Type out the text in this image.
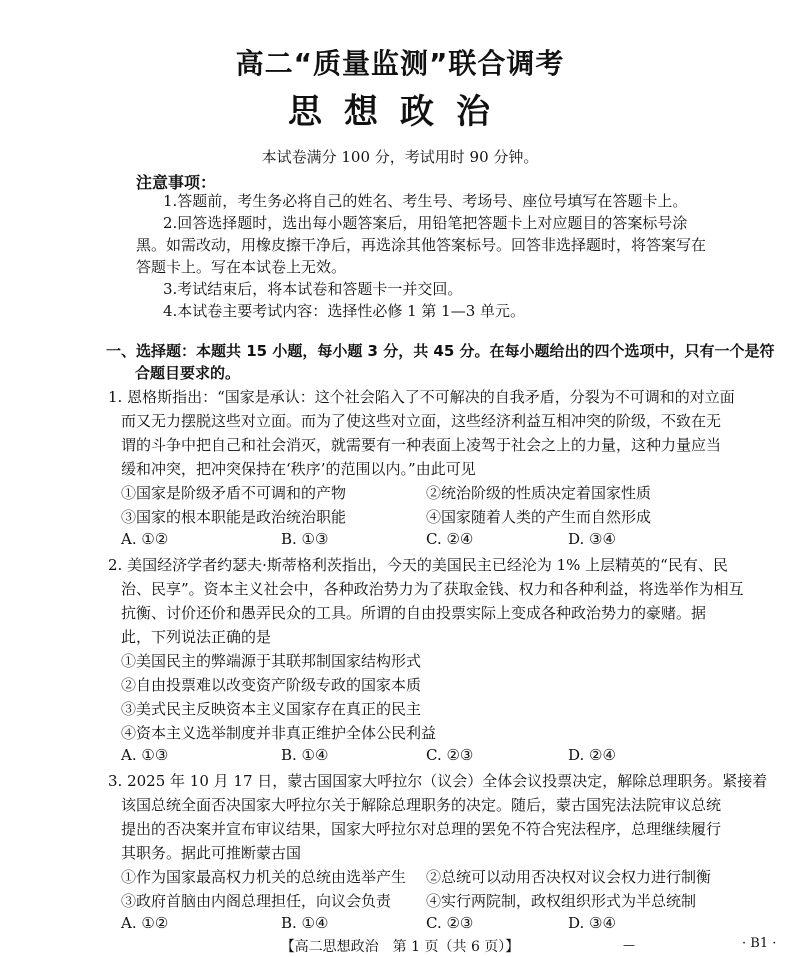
高二“质量监测”联合调考
思想政治
本试卷满分 100 分，考试用时 90 分钟。
注意事项：
1.答题前，考生务必将自己的姓名、考生号、考场号、座位号填写在答题卡上。
2.回答选择题时，选出每小题答案后，用铅笔把答题卡上对应题目的答案标号涂
黑。如需改动，用橡皮擦干净后，再选涂其他答案标号。回答非选择题时，将答案写在
答题卡上。写在本试卷上无效。
3.考试结束后，将本试卷和答题卡一并交回。
4.本试卷主要考试内容：选择性必修 1 第 1—3 单元。
一、选择题：本题共 15 小题，每小题 3 分，共 45 分。在每小题给出的四个选项中，只有一个是符
合题目要求的。
1. 恩格斯指出：“国家是承认：这个社会陷入了不可解决的自我矛盾，分裂为不可调和的对立面
而又无力摆脱这些对立面。而为了使这些对立面，这些经济利益互相冲突的阶级，不致在无
谓的斗争中把自己和社会消灭，就需要有一种表面上凌驾于社会之上的力量，这种力量应当
缓和冲突，把冲突保持在‘秩序’的范围以内。”由此可见
①国家是阶级矛盾不可调和的产物	②统治阶级的性质决定着国家性质
③国家的根本职能是政治统治职能	④国家随着人类的产生而自然形成
A. ①②	B. ①③	C. ②④	D. ③④
2. 美国经济学者约瑟夫·斯蒂格利茨指出，今天的美国民主已经沦为 1% 上层精英的“民有、民
治、民享”。资本主义社会中，各种政治势力为了获取金钱、权力和各种利益，将选举作为相互
抗衡、讨价还价和愚弄民众的工具。所谓的自由投票实际上变成各种政治势力的豪赌。据
此，下列说法正确的是
①美国民主的弊端源于其联邦制国家结构形式
②自由投票难以改变资产阶级专政的国家本质
③美式民主反映资本主义国家存在真正的民主
④资本主义选举制度并非真正维护全体公民利益
A. ①③	B. ①④	C. ②③	D. ②④
3. 2025 年 10 月 17 日，蒙古国国家大呼拉尔（议会）全体会议投票决定，解除总理职务。紧接着
该国总统全面否决国家大呼拉尔关于解除总理职务的决定。随后，蒙古国宪法法院审议总统
提出的否决案并宣布审议结果，国家大呼拉尔对总理的罢免不符合宪法程序，总理继续履行
其职务。据此可推断蒙古国
①作为国家最高权力机关的总统由选举产生 ②总统可以动用否决权对议会权力进行制衡
③政府首脑由内阁总理担任，向议会负责 ④实行两院制，政权组织形式为半总统制
A. ①②	B. ①④	C. ②③	D. ③④
【高二思想政治　第 1 页（共 6 页）】	—	· B1 ·
